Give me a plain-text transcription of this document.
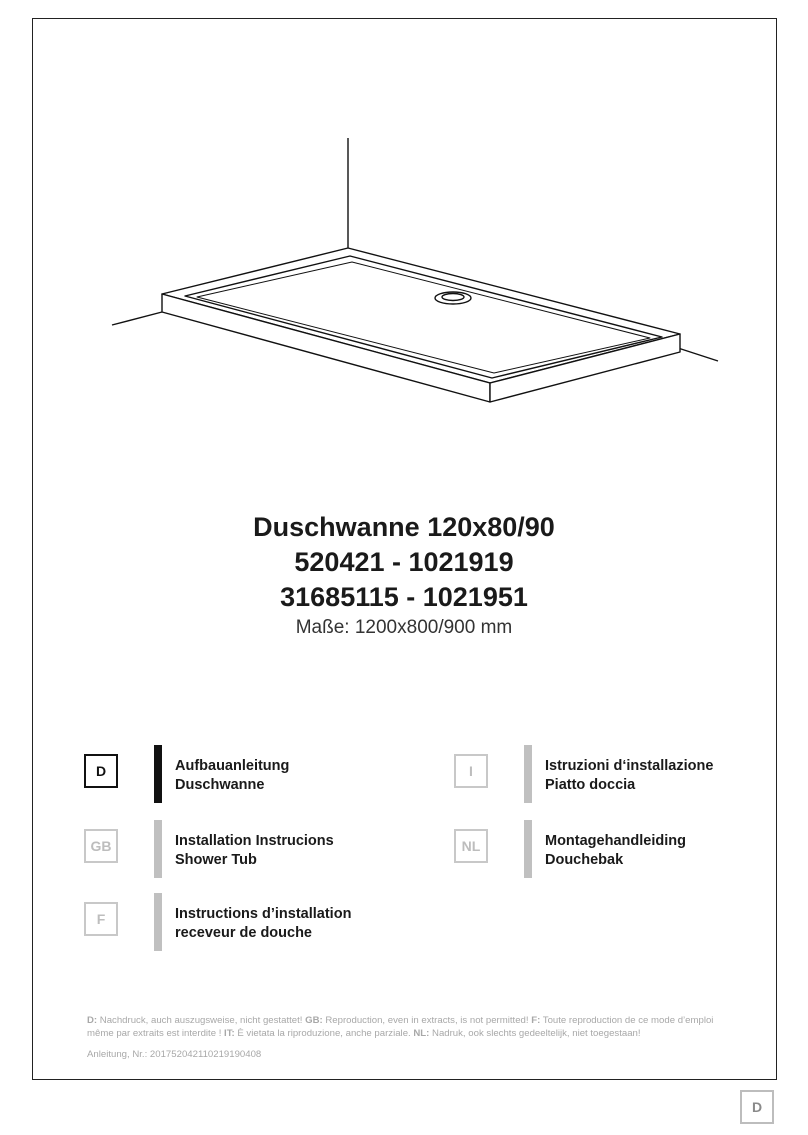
Duschwanne 120x80/90
520421 - 1021919
31685115 - 1021951
Maße: 1200x800/900 mm
D	Aufbauanleitung
Duschwanne
GB	Installation Instrucions
Shower Tub
F	Instructions d’installation
receveur de douche
I	Istruzioni d‘installazione
Piatto doccia
NL	Montagehandleiding
Douchebak
D: Nachdruck, auch auszugsweise, nicht gestattet! GB: Reproduction, even in extracts, is not permitted! F: Toute reproduction de ce mode d’emploi même par extraits est interdite ! IT: È vietata la riproduzione, anche parziale. NL: Nadruk, ook slechts gedeeltelijk, niet toegestaan!
Anleitung, Nr.: 201752042110219190408
D
